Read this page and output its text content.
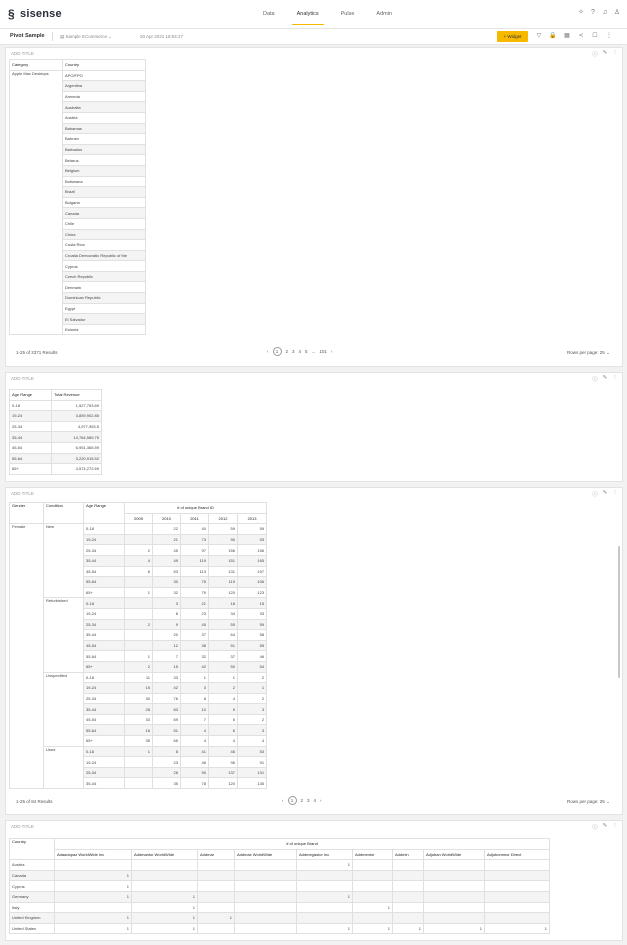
§ sisense	Data	Analytics	Pulse	Admin	✧ ? ♫ ♙
Pivot Sample	▤ Sample ECommerce ⌄	20 Apr 2021 18:54:27	+ Widget	▽ 🔒 ▦ ≺ ☐ ⋮
ADD TITLE	ⓘ ✎ ⋮
Category	Country
Apple Mac Desktops	APO/FPO
	Argentina
	Armenia
	Australia
	Austria
	Bahamas
	Bahrain
	Barbados
	Belarus
	Belgium
	Botswana
	Brazil
	Bulgaria
	Canada
	Chile
	China
	Costa Rica
	Croatia Democratic Republic of the
	Cyprus
	Czech Republic
	Denmark
	Dominican Republic
	Egypt
	El Salvador
	Estonia
1-25 of 2371 Results	‹	1	2 3 4 5 ... 101 ›	Rows per page: 25 ⌄
ADD TITLE	ⓘ ✎ ⋮
Age Range	Total Revenue
0-18	1,527,753.69
19-24	3,859,902.85
25-34	4,977,953.5
35-44	14,764,589.75
45-54	6,951,365.59
55-64	3,220,915.52
65+	4,574,272.69
ADD TITLE	ⓘ ✎ ⋮
Gender	Condition	Age Range	# of unique Brand ID				
			2009	2010	2011	2012	2013
Female	New	0-18		22	40	59	59
		19-24		21	73	90	93
		25-34	2	45	97	156	156
		35-44	4	49	119	151	165
		45-54	6	53	113	131	157
		55-64		30	75	119	106
		65+	1	32	79	120	123
	Refurbished	0-18		3	21	18	15
		19-24		8	23	34	33
		25-34	2	9	45	55	59
		35-44		20	37	64	58
		45-54		12	38	51	55
		55-64	1	7	32	37	46
		65+	2	15	42	50	54
	Unspecified	0-18	11	33	1	1	2
		19-24	15	42	3	2	1
		25-34	30	76	8	4	2
		35-44	28	83	10	5	3
		45-54	33	69	7	5	2
		55-64	16	51	4	6	3
		65+	35	65	4	4	4
	Used	0-18	1	8	41	46	53
		19-24		23	46	96	91
		25-34		26	90	137	131
		35-44		35	78	120	135
1-25 of 84 Results	‹	1	2 3 4 ›	Rows per page: 25 ⌄
ADD TITLE	ⓘ ✎ ⋮
Country	# of unique Brand								
	Adaadopaz WorldWide Inc	Addmantor WorldWide	Addmar	Addmax WorldWide	Addmegastor Inc	Addmentor	Addmin	Adjuban WorldWide	Adjubommor Direct
Austria					1				
Canada	1								
Cyprus	1								
Germany	1	1			1				
Italy		1				1			
United Kingdom	1	1	1						
United States	1	1			1	1	1	1	1
